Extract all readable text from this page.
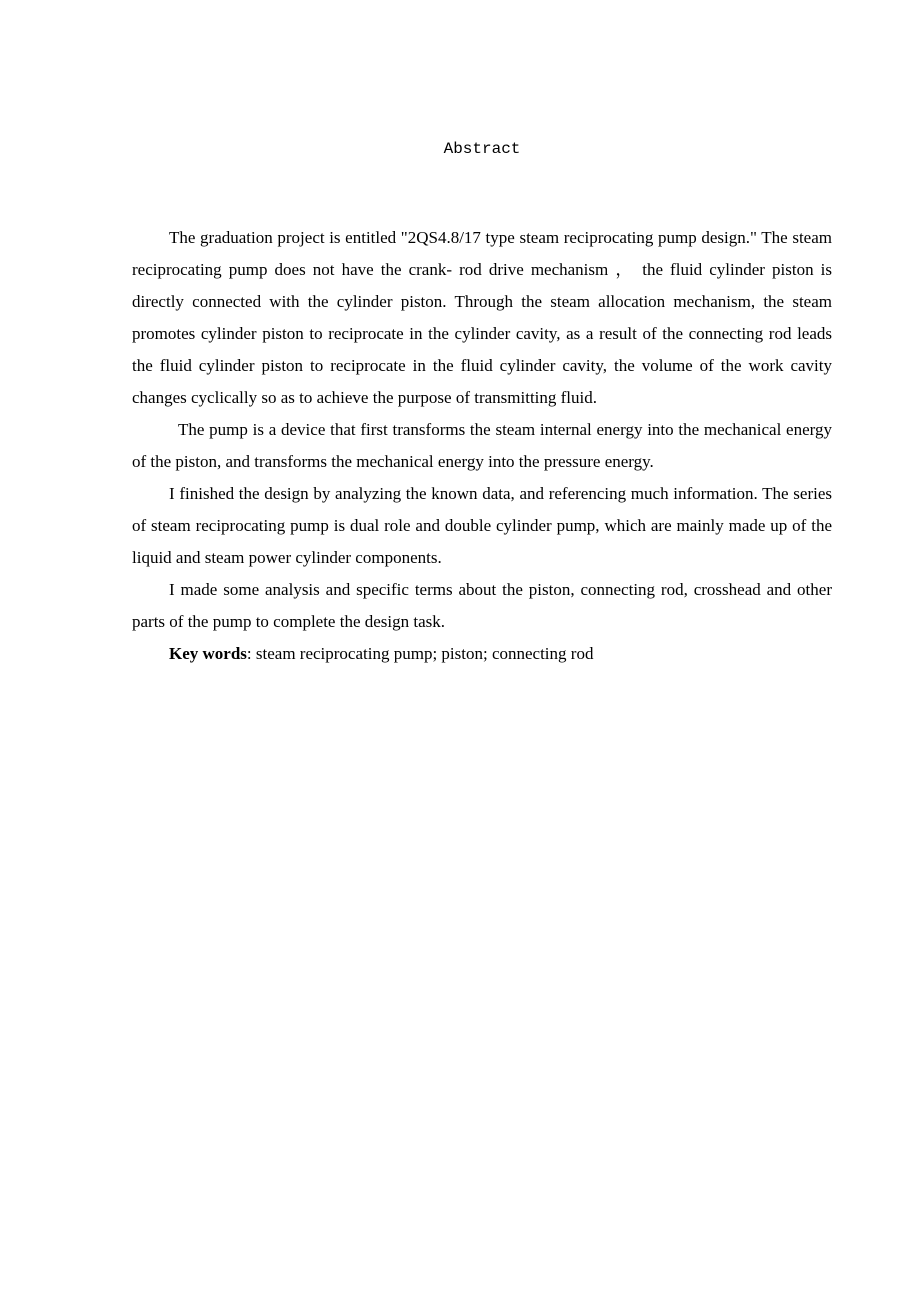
Abstract

The graduation project is entitled "2QS4.8/17 type steam reciprocating pump design." The steam reciprocating pump does not have the crank- rod drive mechanism ， the fluid cylinder piston is directly connected with the cylinder piston. Through the steam allocation mechanism, the steam promotes cylinder piston to reciprocate in the cylinder cavity, as a result of the connecting rod leads the fluid cylinder piston to reciprocate in the fluid cylinder cavity, the volume of the work cavity changes cyclically so as to achieve the purpose of transmitting fluid.

The pump is a device that first transforms the steam internal energy into the mechanical energy of the piston, and transforms the mechanical energy into the pressure energy.

I finished the design by analyzing the known data, and referencing much information. The series of steam reciprocating pump is dual role and double cylinder pump, which are mainly made up of the liquid and steam power cylinder components.

I made some analysis and specific terms about the piston, connecting rod, crosshead and other parts of the pump to complete the design task.

Key words: steam reciprocating pump; piston; connecting rod
